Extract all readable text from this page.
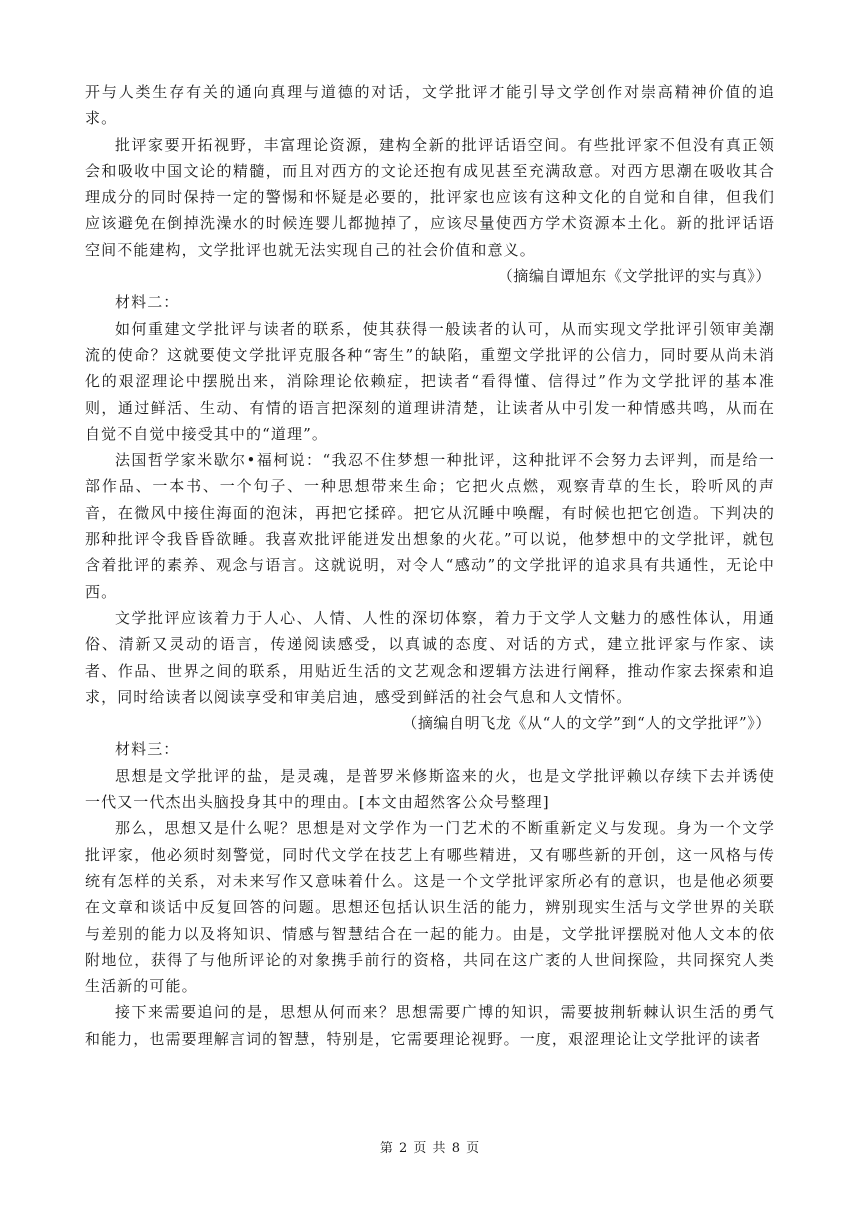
开与人类生存有关的通向真理与道德的对话，文学批评才能引导文学创作对崇高精神价值的追求。

批评家要开拓视野，丰富理论资源，建构全新的批评话语空间。有些批评家不但没有真正领会和吸收中国文论的精髓，而且对西方的文论还抱有成见甚至充满敌意。对西方思潮在吸收其合理成分的同时保持一定的警惕和怀疑是必要的，批评家也应该有这种文化的自觉和自律，但我们应该避免在倒掉洗澡水的时候连婴儿都抛掉了，应该尽量使西方学术资源本土化。新的批评话语空间不能建构，文学批评也就无法实现自己的社会价值和意义。

（摘编自谭旭东《文学批评的实与真》）

材料二：

如何重建文学批评与读者的联系，使其获得一般读者的认可，从而实现文学批评引领审美潮流的使命？这就要使文学批评克服各种“寄生”的缺陷，重塑文学批评的公信力，同时要从尚未消化的艰涩理论中摆脱出来，消除理论依赖症，把读者“看得懂、信得过”作为文学批评的基本准则，通过鲜活、生动、有情的语言把深刻的道理讲清楚，让读者从中引发一种情感共鸣，从而在自觉不自觉中接受其中的“道理”。

法国哲学家米歇尔•福柯说：“我忍不住梦想一种批评，这种批评不会努力去评判，而是给一部作品、一本书、一个句子、一种思想带来生命；它把火点燃，观察青草的生长，聆听风的声音，在微风中接住海面的泡沫，再把它揉碎。把它从沉睡中唤醒，有时候也把它创造。下判决的那种批评令我昏昏欲睡。我喜欢批评能迸发出想象的火花。”可以说，他梦想中的文学批评，就包含着批评的素养、观念与语言。这就说明，对令人“感动”的文学批评的追求具有共通性，无论中西。

文学批评应该着力于人心、人情、人性的深切体察，着力于文学人文魅力的感性体认，用通俗、清新又灵动的语言，传递阅读感受，以真诚的态度、对话的方式，建立批评家与作家、读者、作品、世界之间的联系，用贴近生活的文艺观念和逻辑方法进行阐释，推动作家去探索和追求，同时给读者以阅读享受和审美启迪，感受到鲜活的社会气息和人文情怀。

（摘编自明飞龙《从“人的文学”到“人的文学批评”》）

材料三：

思想是文学批评的盐，是灵魂，是普罗米修斯盗来的火，也是文学批评赖以存续下去并诱使一代又一代杰出头脑投身其中的理由。[本文由超然客公众号整理]

那么，思想又是什么呢？思想是对文学作为一门艺术的不断重新定义与发现。身为一个文学批评家，他必须时刻警觉，同时代文学在技艺上有哪些精进，又有哪些新的开创，这一风格与传统有怎样的关系，对未来写作又意味着什么。这是一个文学批评家所必有的意识，也是他必须要在文章和谈话中反复回答的问题。思想还包括认识生活的能力，辨别现实生活与文学世界的关联与差别的能力以及将知识、情感与智慧结合在一起的能力。由是，文学批评摆脱对他人文本的依附地位，获得了与他所评论的对象携手前行的资格，共同在这广袤的人世间探险，共同探究人类生活新的可能。

接下来需要追问的是，思想从何而来？思想需要广博的知识，需要披荆斩棘认识生活的勇气和能力，也需要理解言词的智慧，特别是，它需要理论视野。一度，艰涩理论让文学批评的读者

第 2 页 共 8 页
